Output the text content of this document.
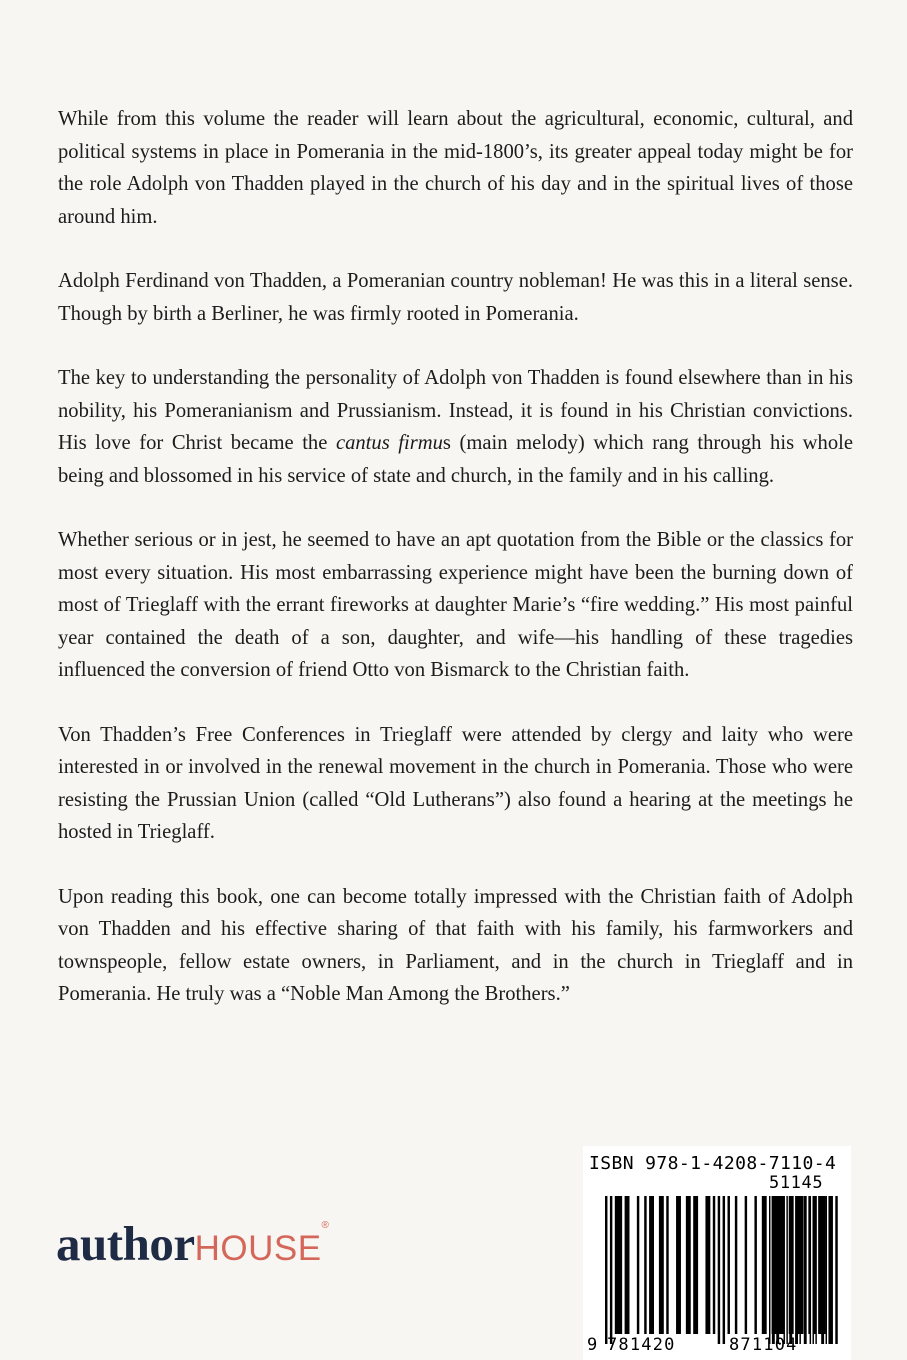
While from this volume the reader will learn about the agricultural, economic, cultural, and political systems in place in Pomerania in the mid-1800’s, its greater appeal today might be for the role Adolph von Thadden played in the church of his day and in the spiritual lives of those around him.

Adolph Ferdinand von Thadden, a Pomeranian country nobleman! He was this in a literal sense. Though by birth a Berliner, he was firmly rooted in Pomerania.

The key to understanding the personality of Adolph von Thadden is found elsewhere than in his nobility, his Pomeranianism and Prussianism. Instead, it is found in his Christian convictions. His love for Christ became the cantus firmus (main melody) which rang through his whole being and blossomed in his service of state and church, in the family and in his calling.

Whether serious or in jest, he seemed to have an apt quotation from the Bible or the classics for most every situation. His most embarrassing experience might have been the burning down of most of Trieglaff with the errant fireworks at daughter Marie’s “fire wedding.” His most painful year contained the death of a son, daughter, and wife—his handling of these tragedies influenced the conversion of friend Otto von Bismarck to the Christian faith.

Von Thadden’s Free Conferences in Trieglaff were attended by clergy and laity who were interested in or involved in the renewal movement in the church in Pomerania. Those who were resisting the Prussian Union (called “Old Lutherans”) also found a hearing at the meetings he hosted in Trieglaff.

Upon reading this book, one can become totally impressed with the Christian faith of Adolph von Thadden and his effective sharing of that faith with his family, his farmworkers and townspeople, fellow estate owners, in Parliament, and in the church in Trieglaff and in Pomerania. He truly was a “Noble Man Among the Brothers.”

authorHOUSE®
ISBN 978-1-4208-7110-4
51145
9 781420	871104
